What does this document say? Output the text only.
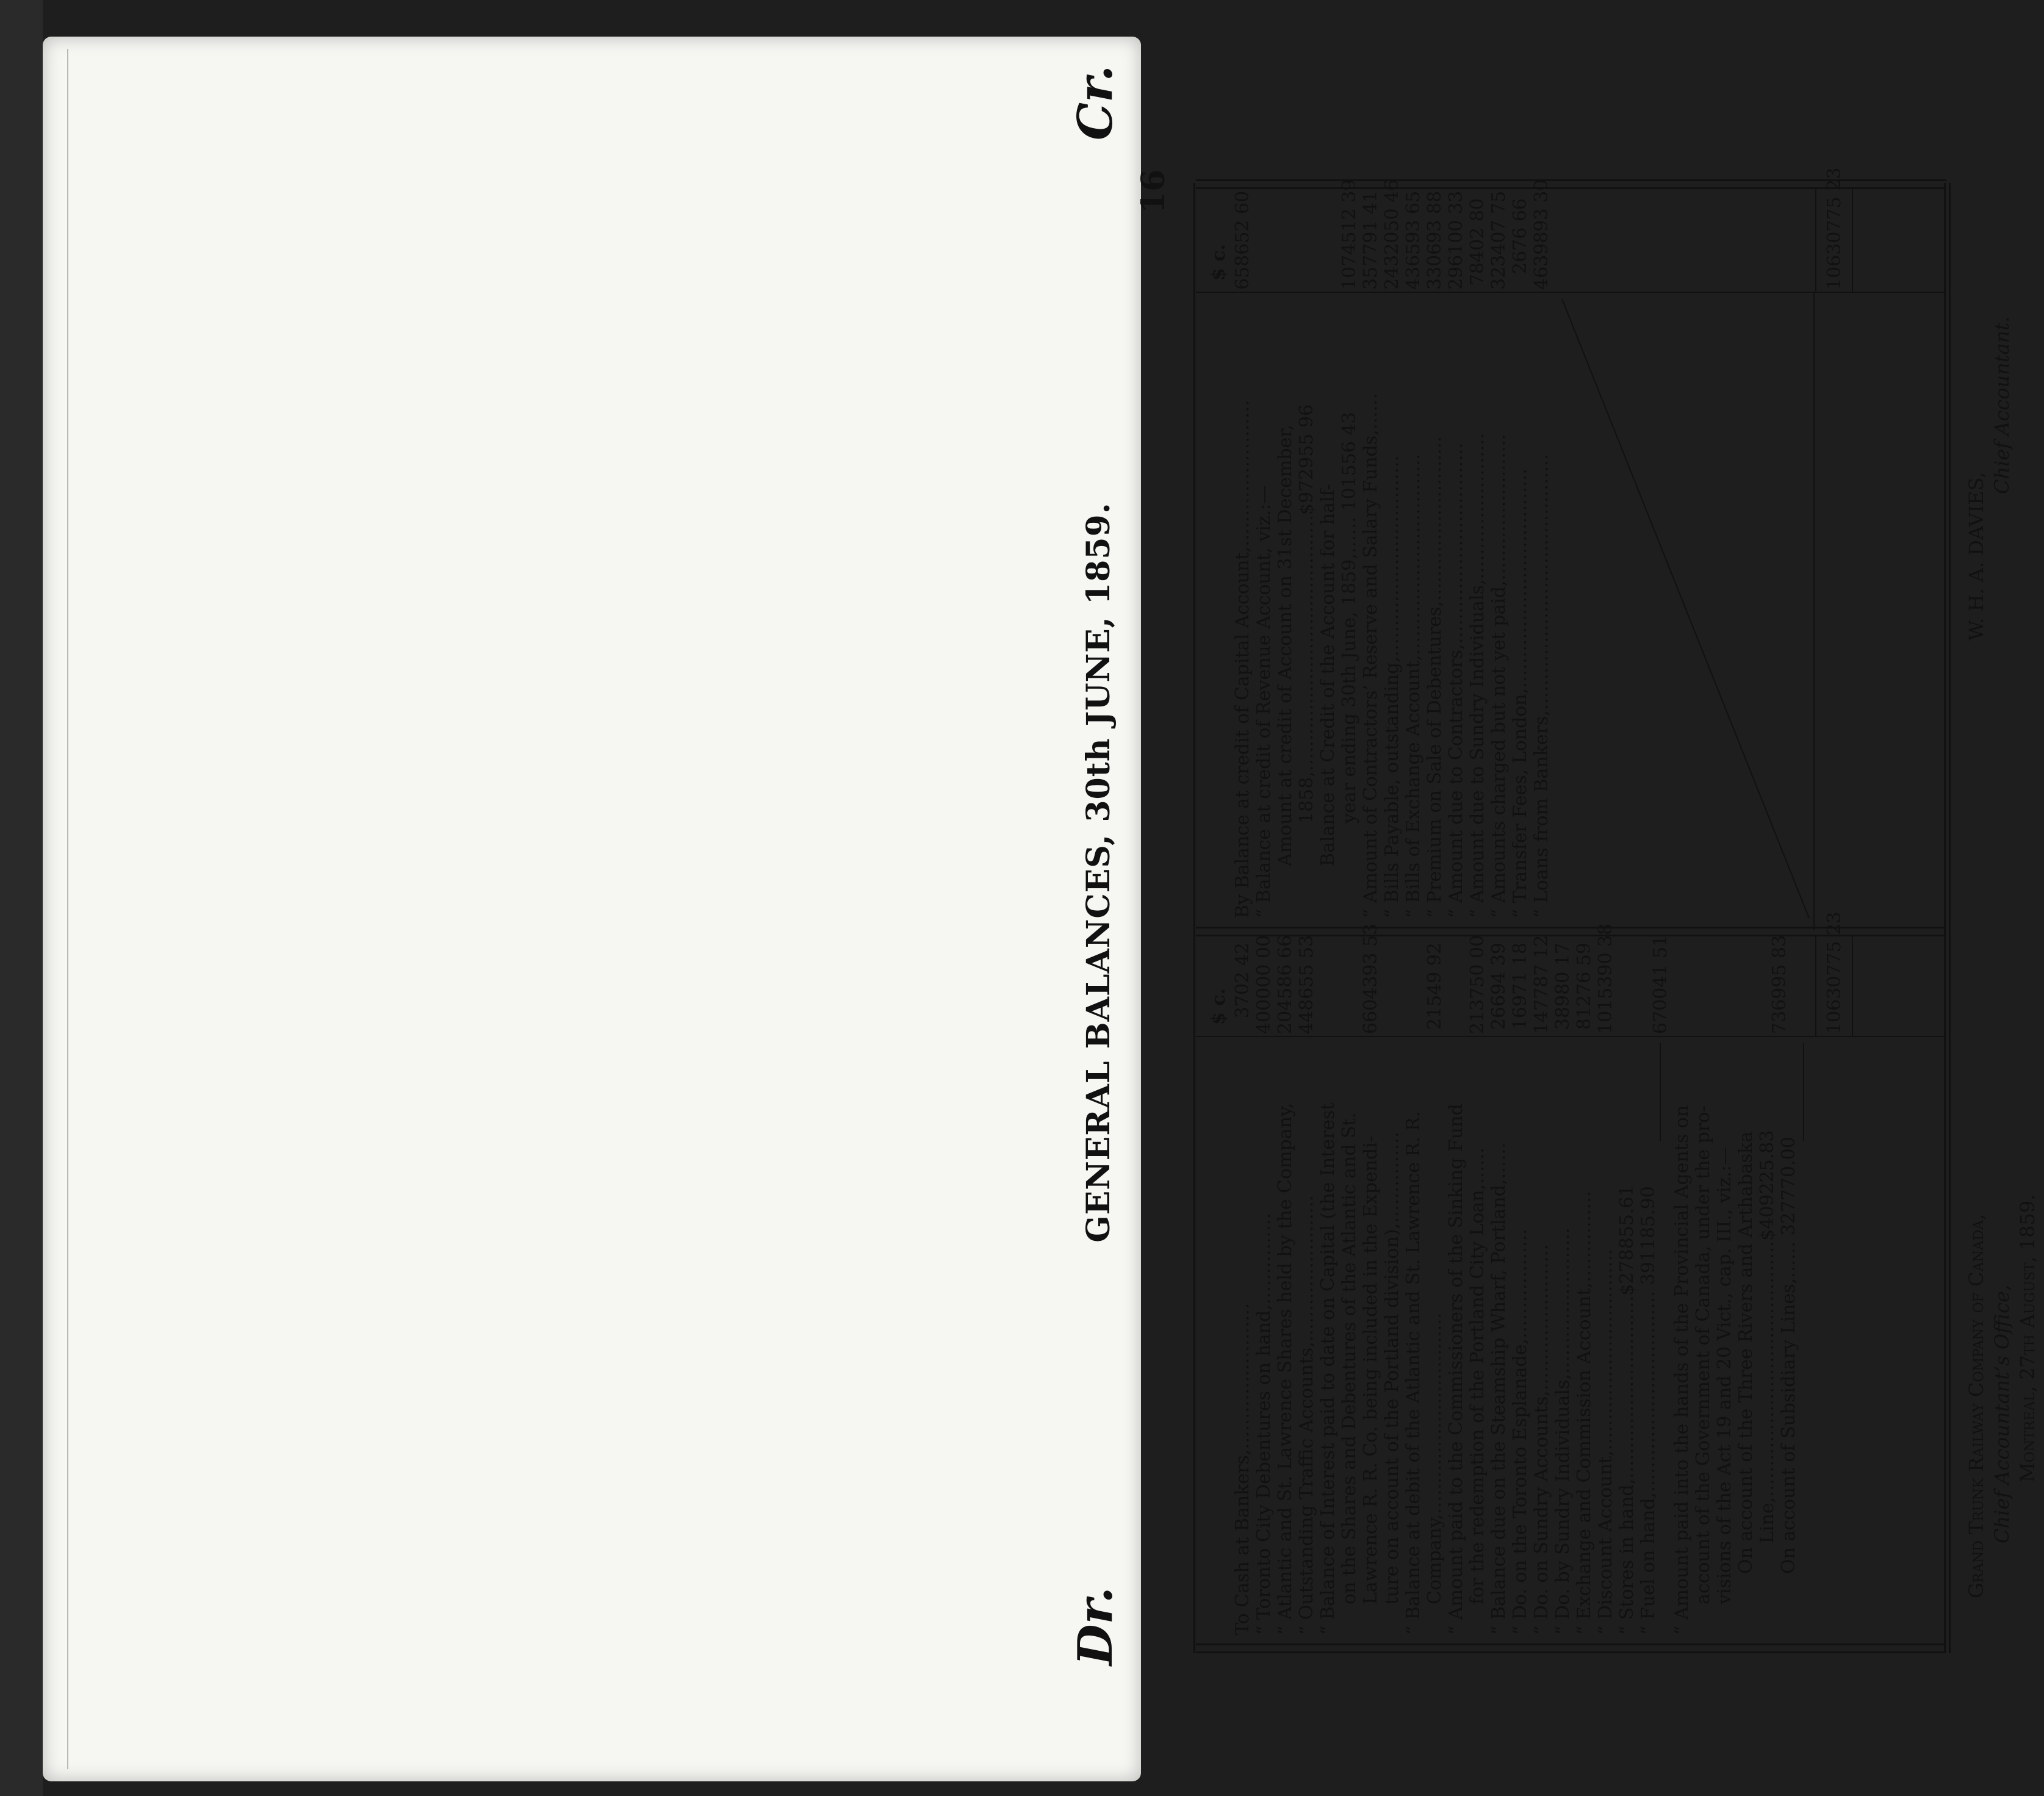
16
Dr.
Cr.
GENERAL BALANCES, 30th JUNE, 1859.	$ c.
$ c.
To Cash at Bankers,……………………
3702 42
“ Toronto City Debentures on hand,……………
400000 00
“ Atlantic and St. Lawrence Shares held by the Company,
204586 66
“ Outstanding Traffic Accounts,……………………
448655 53
“ Balance of Interest paid to date on Capital (the Interest on the Shares and Debentures of the Atlantic and St. Lawrence R. R. Co. being included in the Expendi-
6604393 53
ture on account of the Portland division),…………… “ Balance at debit of the Atlantic and St. Lawrence R. R. Company,……………………………
21549 92
“ Amount paid to the Commissioners of the Sinking Fund for the redemption of the Portland City Loan,……
213750 00
“ Balance due on the Steamship Wharf, Portland,……
26694 39
“ Do. on the Toronto Esplanade,………………
16971 18
“ Do. on Sundry Accounts,……………………
147787 12
“ Do. by Sundry Individuals,……………………
38980 17
“ Exchange and Commission Account,……………
81276 59
“ Discount Account,……………………………
1015390 38
“ Stores in hand,…………………………$278855.61 “ Fuel on hand,…………………………… 391185.90
670041 51
“ Amount paid into the hands of the Provincial Agents on account of the Government of Canada, under the pro- visions of the Act 19 and 20 Vict., cap. III., viz.:— On account of the Three Rivers and Arthabaska Line,……………………………………$409225.83 On account of Subsidiary Lines,…… 327770.00
736995 83 10630775 23
By Balance at credit of Capital Account,……………………
658652 60
“ Balance at credit of Revenue Account, viz.:— Amount at credit of Account on 31st December, 1858,……………………………………$972955 96 Balance at Credit of the Account for half- year ending 30th June, 1859,…… 101556 43
1074512 39
“ Amount of Contractors’ Reserve and Salary Funds,……
357791 41
“ Bills Payable, outstanding,……………………………
2432050 46
“ Bills of Exchange Account,……………………………
436593 65
“ Premium on Sale of Debentures,………………………
330693 88
“ Amount due to Contractors,……………………………
296100 33
“ Amount due to Sundry Individuals,……………………
78402 80
“ Amounts charged but not yet paid,……………………
323407 75
“ Transfer Fees, London,………………………………
2676 66
“ Loans from Bankers,……………………………………
4639893 30	10630775 23
Grand Trunk Railway Company of Canada, Chief Accountant’s Office, Montreal, 27th August, 1859.
W. H. A. DAVIES,
Chief Accountant.
